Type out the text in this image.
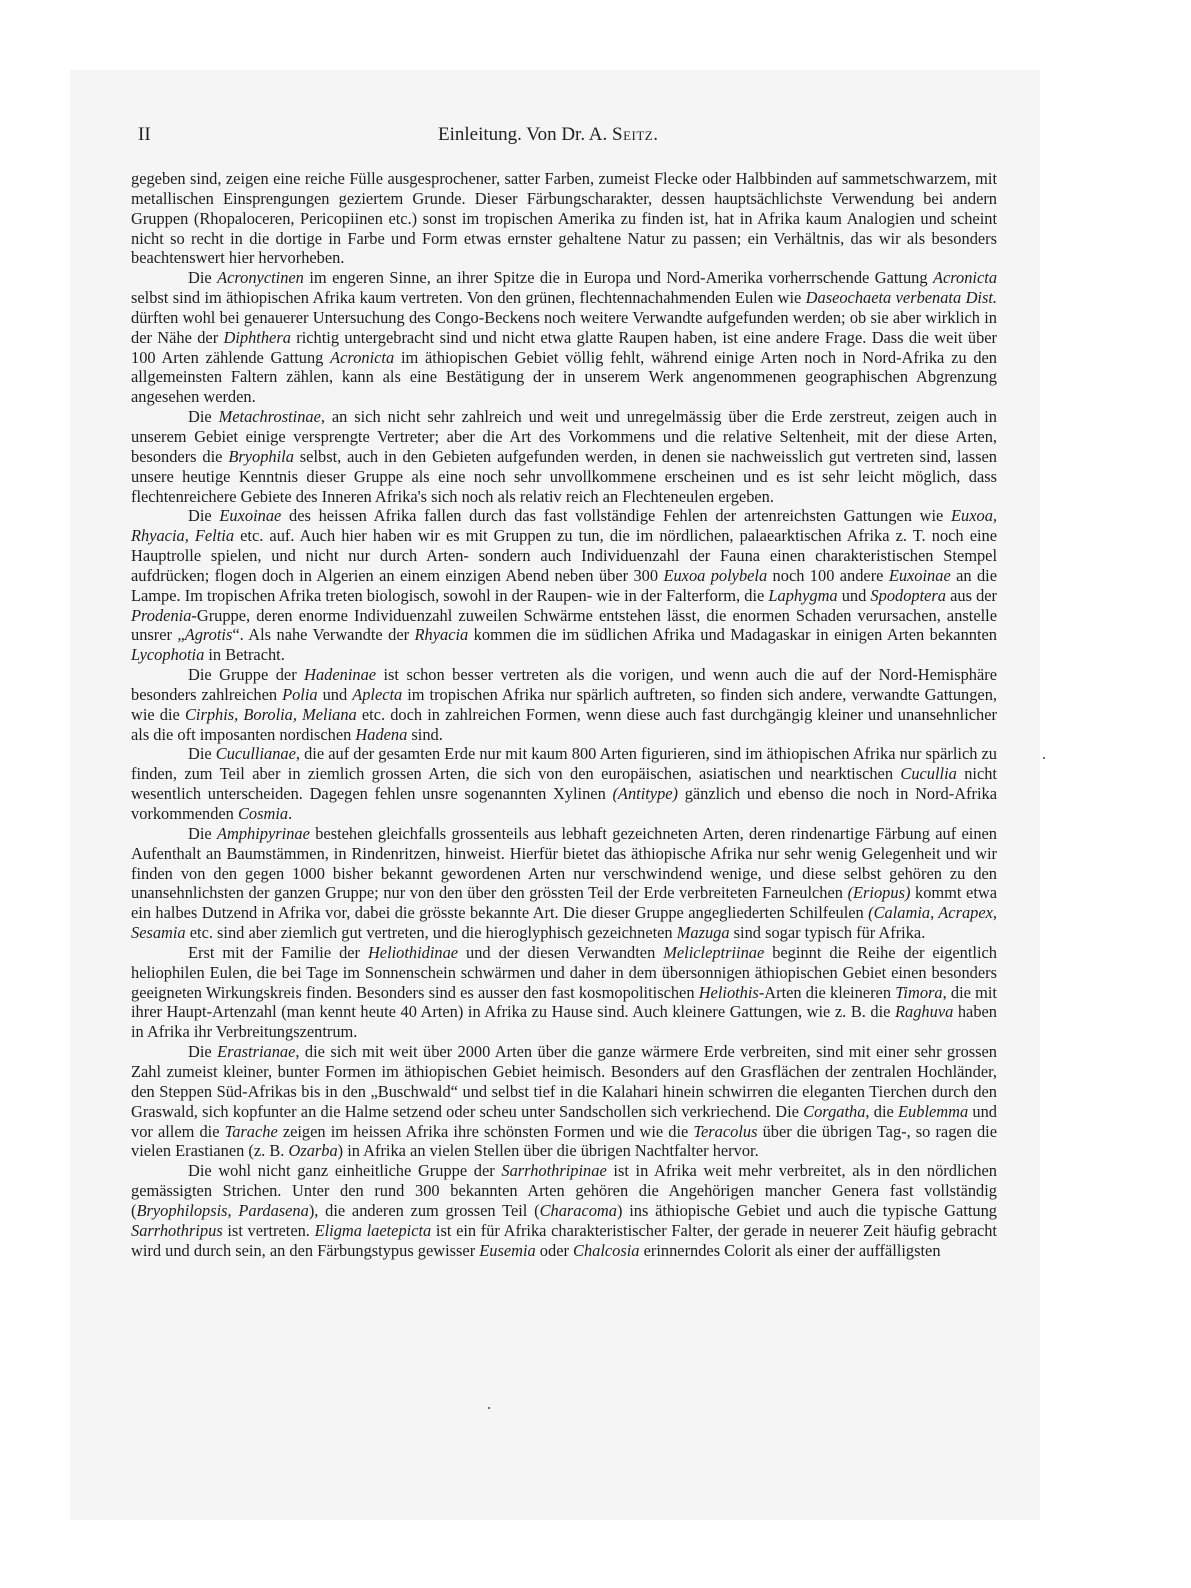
II	Einleitung. Von Dr. A. Seitz.

gegeben sind, zeigen eine reiche Fülle ausgesprochener, satter Farben, zumeist Flecke oder Halbbinden auf sammetschwarzem, mit metallischen Einsprengungen geziertem Grunde. Dieser Färbungscharakter, dessen hauptsächlichste Verwendung bei andern Gruppen (Rhopaloceren, Pericopiinen etc.) sonst im tropischen Amerika zu finden ist, hat in Afrika kaum Analogien und scheint nicht so recht in die dortige in Farbe und Form etwas ernster gehaltene Natur zu passen; ein Verhältnis, das wir als besonders beachtenswert hier hervorheben.

Die Acronyctinen im engeren Sinne, an ihrer Spitze die in Europa und Nord-Amerika vorherrschende Gattung Acronicta selbst sind im äthiopischen Afrika kaum vertreten. Von den grünen, flechtennachahmenden Eulen wie Daseochaeta verbenata Dist. dürften wohl bei genauerer Untersuchung des Congo-Beckens noch weitere Verwandte aufgefunden werden; ob sie aber wirklich in der Nähe der Diphthera richtig untergebracht sind und nicht etwa glatte Raupen haben, ist eine andere Frage. Dass die weit über 100 Arten zählende Gattung Acronicta im äthiopischen Gebiet völlig fehlt, während einige Arten noch in Nord-Afrika zu den allgemeinsten Faltern zählen, kann als eine Bestätigung der in unserem Werk angenommenen geographischen Abgrenzung angesehen werden.

Die Metachrostinae, an sich nicht sehr zahlreich und weit und unregelmässig über die Erde zerstreut, zeigen auch in unserem Gebiet einige versprengte Vertreter; aber die Art des Vorkommens und die relative Seltenheit, mit der diese Arten, besonders die Bryophila selbst, auch in den Gebieten aufgefunden werden, in denen sie nachweisslich gut vertreten sind, lassen unsere heutige Kenntnis dieser Gruppe als eine noch sehr unvollkommene erscheinen und es ist sehr leicht möglich, dass flechtenreichere Gebiete des Inneren Afrika's sich noch als relativ reich an Flechteneulen ergeben.

Die Euxoinae des heissen Afrika fallen durch das fast vollständige Fehlen der artenreichsten Gattungen wie Euxoa, Rhyacia, Feltia etc. auf. Auch hier haben wir es mit Gruppen zu tun, die im nördlichen, palaearktischen Afrika z. T. noch eine Hauptrolle spielen, und nicht nur durch Arten- sondern auch Individuenzahl der Fauna einen charakteristischen Stempel aufdrücken; flogen doch in Algerien an einem einzigen Abend neben über 300 Euxoa polybela noch 100 andere Euxoinae an die Lampe. Im tropischen Afrika treten biologisch, sowohl in der Raupen- wie in der Falterform, die Laphygma und Spodoptera aus der Prodenia-Gruppe, deren enorme Individuenzahl zuweilen Schwärme entstehen lässt, die enormen Schaden verursachen, anstelle unsrer „Agrotis“. Als nahe Verwandte der Rhyacia kommen die im südlichen Afrika und Madagaskar in einigen Arten bekannten Lycophotia in Betracht.

Die Gruppe der Hadeninae ist schon besser vertreten als die vorigen, und wenn auch die auf der Nord-Hemisphäre besonders zahlreichen Polia und Aplecta im tropischen Afrika nur spärlich auftreten, so finden sich andere, verwandte Gattungen, wie die Cirphis, Borolia, Meliana etc. doch in zahlreichen Formen, wenn diese auch fast durchgängig kleiner und unansehnlicher als die oft imposanten nordischen Hadena sind.

Die Cucullianae, die auf der gesamten Erde nur mit kaum 800 Arten figurieren, sind im äthiopischen Afrika nur spärlich zu finden, zum Teil aber in ziemlich grossen Arten, die sich von den europäischen, asiatischen und nearktischen Cucullia nicht wesentlich unterscheiden. Dagegen fehlen unsre sogenannten Xylinen (Antitype) gänzlich und ebenso die noch in Nord-Afrika vorkommenden Cosmia.

Die Amphipyrinae bestehen gleichfalls grossenteils aus lebhaft gezeichneten Arten, deren rindenartige Färbung auf einen Aufenthalt an Baumstämmen, in Rindenritzen, hinweist. Hierfür bietet das äthiopische Afrika nur sehr wenig Gelegenheit und wir finden von den gegen 1000 bisher bekannt gewordenen Arten nur verschwindend wenige, und diese selbst gehören zu den unansehnlichsten der ganzen Gruppe; nur von den über den grössten Teil der Erde verbreiteten Farneulchen (Eriopus) kommt etwa ein halbes Dutzend in Afrika vor, dabei die grösste bekannte Art. Die dieser Gruppe angegliederten Schilfeulen (Calamia, Acrapex, Sesamia etc. sind aber ziemlich gut vertreten, und die hieroglyphisch gezeichneten Mazuga sind sogar typisch für Afrika.

Erst mit der Familie der Heliothidinae und der diesen Verwandten Melicleptriinae beginnt die Reihe der eigentlich heliophilen Eulen, die bei Tage im Sonnenschein schwärmen und daher in dem übersonnigen äthiopischen Gebiet einen besonders geeigneten Wirkungskreis finden. Besonders sind es ausser den fast kosmopolitischen Heliothis-Arten die kleineren Timora, die mit ihrer Haupt-Artenzahl (man kennt heute 40 Arten) in Afrika zu Hause sind. Auch kleinere Gattungen, wie z. B. die Raghuva haben in Afrika ihr Verbreitungszentrum.

Die Erastrianae, die sich mit weit über 2000 Arten über die ganze wärmere Erde verbreiten, sind mit einer sehr grossen Zahl zumeist kleiner, bunter Formen im äthiopischen Gebiet heimisch. Besonders auf den Grasflächen der zentralen Hochländer, den Steppen Süd-Afrikas bis in den „Buschwald“ und selbst tief in die Kalahari hinein schwirren die eleganten Tierchen durch den Graswald, sich kopfunter an die Halme setzend oder scheu unter Sandschollen sich verkriechend. Die Corgatha, die Eublemma und vor allem die Tarache zeigen im heissen Afrika ihre schönsten Formen und wie die Teracolus über die übrigen Tag-, so ragen die vielen Erastianen (z. B. Ozarba) in Afrika an vielen Stellen über die übrigen Nachtfalter hervor.

Die wohl nicht ganz einheitliche Gruppe der Sarrhothripinae ist in Afrika weit mehr verbreitet, als in den nördlichen gemässigten Strichen. Unter den rund 300 bekannten Arten gehören die Angehörigen mancher Genera fast vollständig (Bryophilopsis, Pardasena), die anderen zum grossen Teil (Characoma) ins äthiopische Gebiet und auch die typische Gattung Sarrhothripus ist vertreten. Eligma laetepicta ist ein für Afrika charakteristischer Falter, der gerade in neuerer Zeit häufig gebracht wird und durch sein, an den Färbungstypus gewisser Eusemia oder Chalcosia erinnerndes Colorit als einer der auffälligsten
